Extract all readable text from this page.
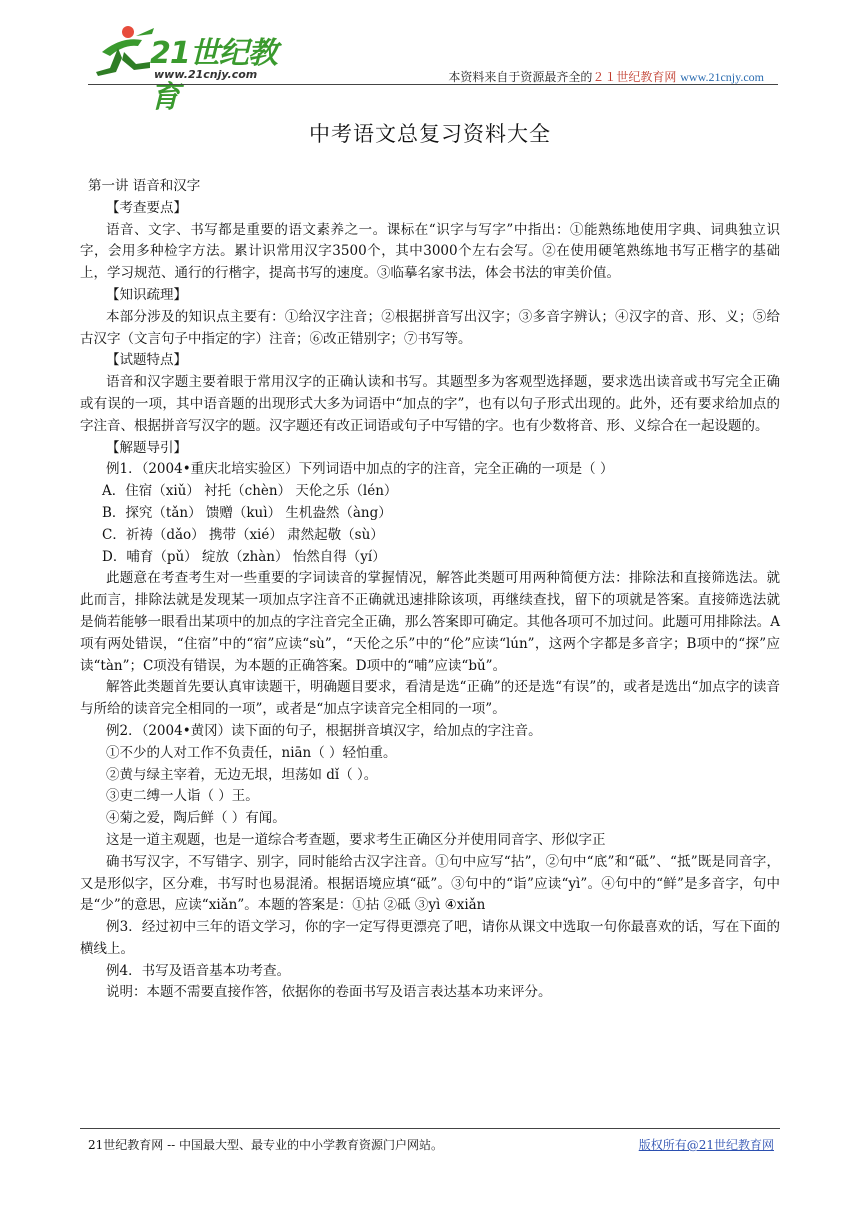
21世纪教育
www.21cnjy.com	本资料来自于资源最齐全的２１世纪教育网 www.21cnjy.com
中考语文总复习资料大全

第一讲 语音和汉字

【考查要点】

语音、文字、书写都是重要的语文素养之一。课标在“识字与写字”中指出：①能熟练地使用字典、词典独立识字，会用多种检字方法。累计识常用汉字3500个，其中3000个左右会写。②在使用硬笔熟练地书写正楷字的基础上，学习规范、通行的行楷字，提高书写的速度。③临摹名家书法，体会书法的审美价值。

【知识疏理】

本部分涉及的知识点主要有：①给汉字注音；②根据拼音写出汉字；③多音字辨认；④汉字的音、形、义；⑤给古汉字（文言句子中指定的字）注音；⑥改正错别字；⑦书写等。

【试题特点】

语音和汉字题主要着眼于常用汉字的正确认读和书写。其题型多为客观型选择题，要求选出读音或书写完全正确或有误的一项，其中语音题的出现形式大多为词语中“加点的字”，也有以句子形式出现的。此外，还有要求给加点的字注音、根据拼音写汉字的题。汉字题还有改正词语或句子中写错的字。也有少数将音、形、义综合在一起设题的。

【解题导引】

例1．（2004•重庆北培实验区）下列词语中加点的字的注音，完全正确的一项是（ ）

A．住宿（xiǔ） 衬托（chèn） 天伦之乐（lén）

B．探究（tǎn） 馈赠（kuì） 生机盎然（àng）

C．祈祷（dǎo） 携带（xié） 肃然起敬（sù）

D．哺育（pǔ） 绽放（zhàn） 怡然自得（yí）

此题意在考查考生对一些重要的字词读音的掌握情况，解答此类题可用两种简便方法：排除法和直接筛选法。就此而言，排除法就是发现某一项加点字注音不正确就迅速排除该项，再继续查找，留下的项就是答案。直接筛选法就是倘若能够一眼看出某项中的加点的字注音完全正确，那么答案即可确定。其他各项可不加过问。此题可用排除法。A项有两处错误，“住宿”中的“宿”应读“sù”，“天伦之乐”中的“伦”应读“lún”，这两个字都是多音字；B项中的“探”应读“tàn”；C项没有错误，为本题的正确答案。D项中的“哺”应读“bǔ”。

解答此类题首先要认真审读题干，明确题目要求，看清是选“正确”的还是选“有误”的，或者是选出“加点字的读音与所给的读音完全相同的一项”，或者是“加点字读音完全相同的一项”。

例2．（2004•黄冈）读下面的句子，根据拼音填汉字，给加点的字注音。

①不少的人对工作不负责任，niān（ ）轻怕重。

②黄与绿主宰着，无边无垠，坦荡如 dǐ（ ）。

③吏二缚一人诣（ ）王。

④菊之爱，陶后鲜（ ）有闻。

这是一道主观题，也是一道综合考查题，要求考生正确区分并使用同音字、形似字正

确书写汉字，不写错字、别字，同时能给古汉字注音。①句中应写“拈”，②句中“底”和“砥”、“抵”既是同音字，又是形似字，区分难，书写时也易混淆。根据语境应填“砥”。③句中的“诣”应读“yì”。④句中的“鲜”是多音字，句中是“少”的意思，应读“xiǎn”。本题的答案是：①拈 ②砥 ③yì ④xiǎn

例3．经过初中三年的语文学习，你的字一定写得更漂亮了吧，请你从课文中选取一句你最喜欢的话，写在下面的横线上。

例4．书写及语音基本功考查。

说明：本题不需要直接作答，依据你的卷面书写及语言表达基本功来评分。

21世纪教育网 -- 中国最大型、最专业的中小学教育资源门户网站。	版权所有@21世纪教育网
